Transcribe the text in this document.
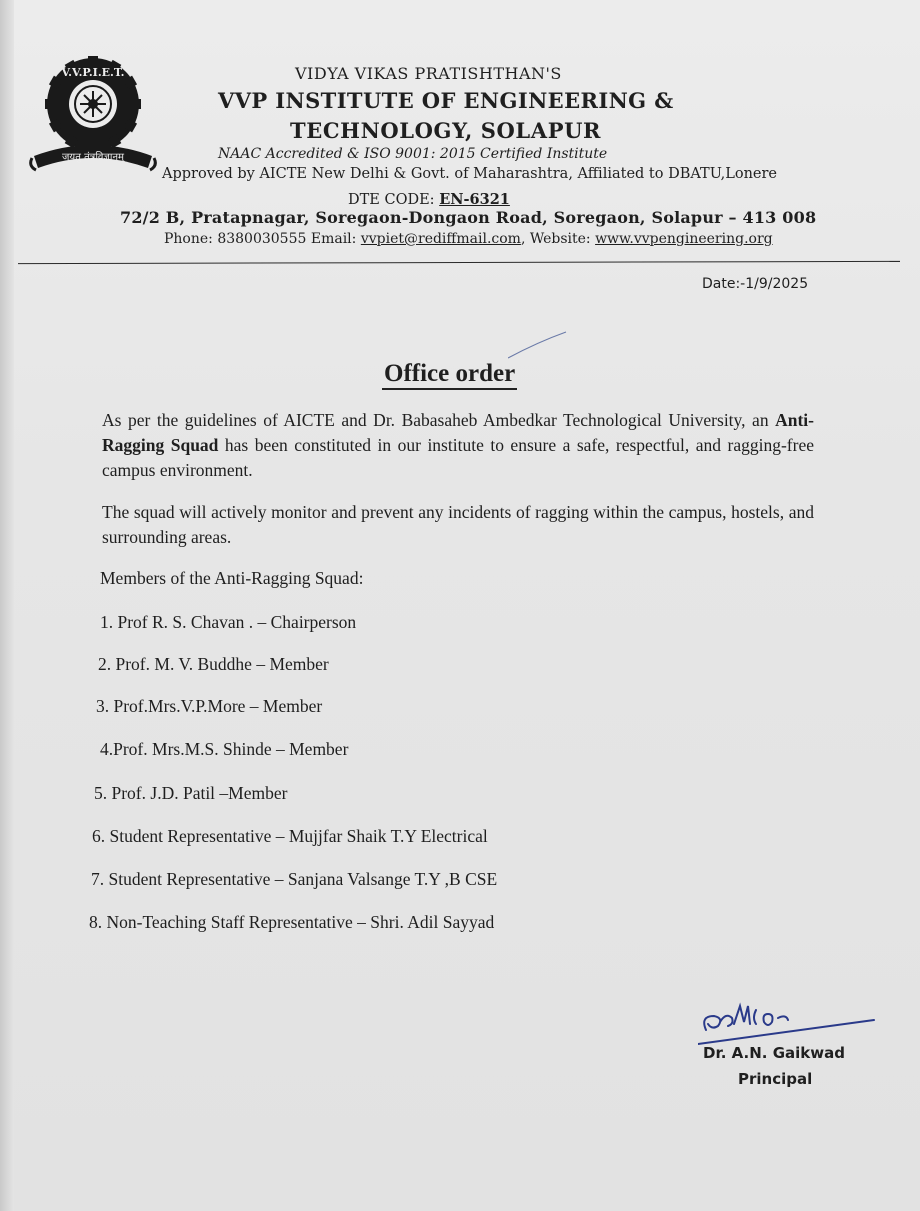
V.V.P.I.E.T.
जयतु तंत्रविज्ञानम्
VIDYA VIKAS PRATISHTHAN'S
VVP INSTITUTE OF ENGINEERING &
TECHNOLOGY, SOLAPUR
NAAC Accredited & ISO 9001: 2015 Certified Institute
Approved by AICTE New Delhi & Govt. of Maharashtra, Affiliated to DBATU,Lonere
DTE CODE: EN-6321
72/2 B, Pratapnagar, Soregaon-Dongaon Road, Soregaon, Solapur – 413 008
Phone: 8380030555 Email: vvpiet@rediffmail.com, Website: www.vvpengineering.org
Date:-1/9/2025
Office order
As per the guidelines of AICTE and Dr. Babasaheb Ambedkar Technological University, an Anti-Ragging Squad has been constituted in our institute to ensure a safe, respectful, and ragging-free campus environment.
The squad will actively monitor and prevent any incidents of ragging within the campus, hostels, and surrounding areas.
Members of the Anti-Ragging Squad:
1. Prof R. S. Chavan . – Chairperson
2. Prof. M. V. Buddhe – Member
3. Prof.Mrs.V.P.More – Member
4.Prof. Mrs.M.S. Shinde – Member
5. Prof. J.D. Patil –Member
6. Student Representative – Mujjfar Shaik T.Y Electrical
7. Student Representative – Sanjana Valsange T.Y ,B CSE
8. Non-Teaching Staff Representative – Shri. Adil Sayyad
Dr. A.N. Gaikwad
Principal
